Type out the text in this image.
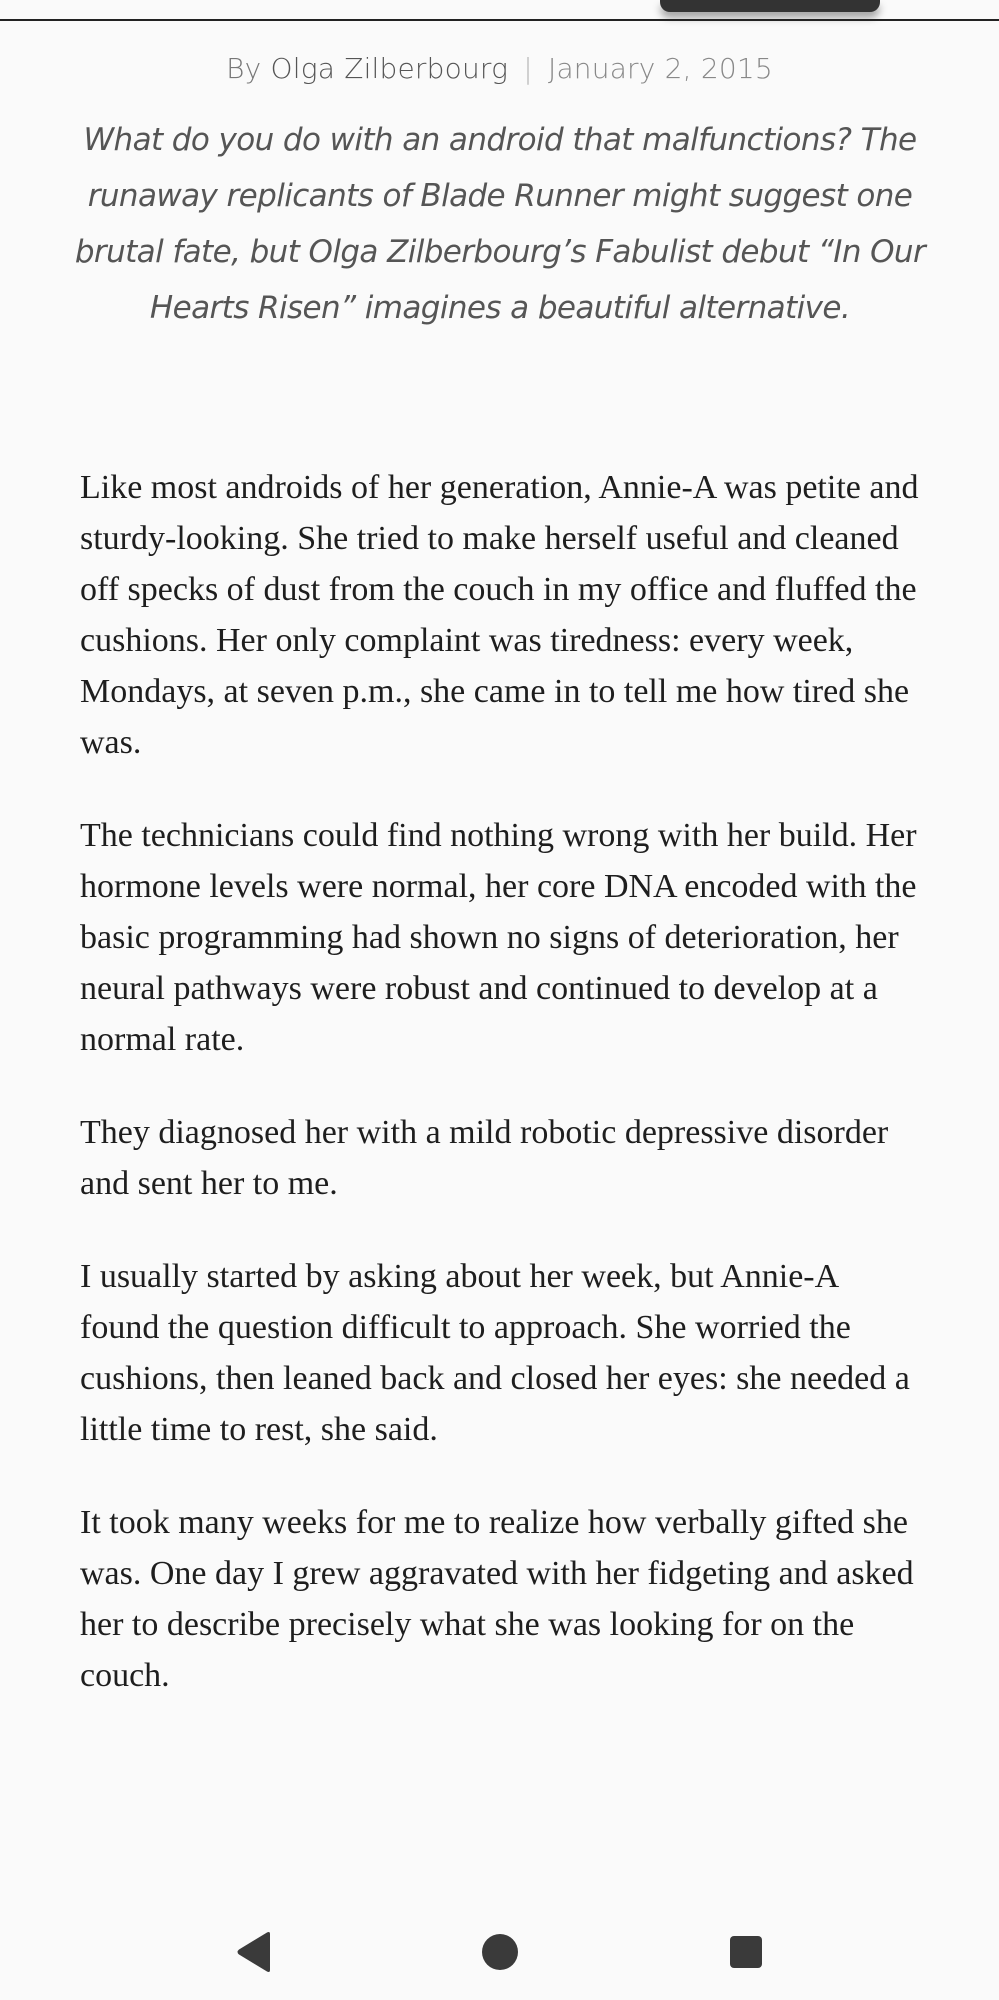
By Olga Zilberbourg | January 2, 2015

What do you do with an android that malfunctions? The runaway replicants of Blade Runner might suggest one brutal fate, but Olga Zilberbourg’s Fabulist debut “In Our Hearts Risen” imagines a beautiful alternative.

Like most androids of her generation, Annie-A was petite and sturdy-looking. She tried to make herself useful and cleaned off specks of dust from the couch in my office and fluffed the cushions. Her only complaint was tiredness: every week, Mondays, at seven p.m., she came in to tell me how tired she was.

The technicians could find nothing wrong with her build. Her hormone levels were normal, her core DNA encoded with the basic programming had shown no signs of deterioration, her neural pathways were robust and continued to develop at a normal rate.

They diagnosed her with a mild robotic depressive disorder and sent her to me.

I usually started by asking about her week, but Annie-A found the question difficult to approach. She worried the cushions, then leaned back and closed her eyes: she needed a little time to rest, she said.

It took many weeks for me to realize how verbally gifted she was. One day I grew aggravated with her fidgeting and asked her to describe precisely what she was looking for on the couch.
